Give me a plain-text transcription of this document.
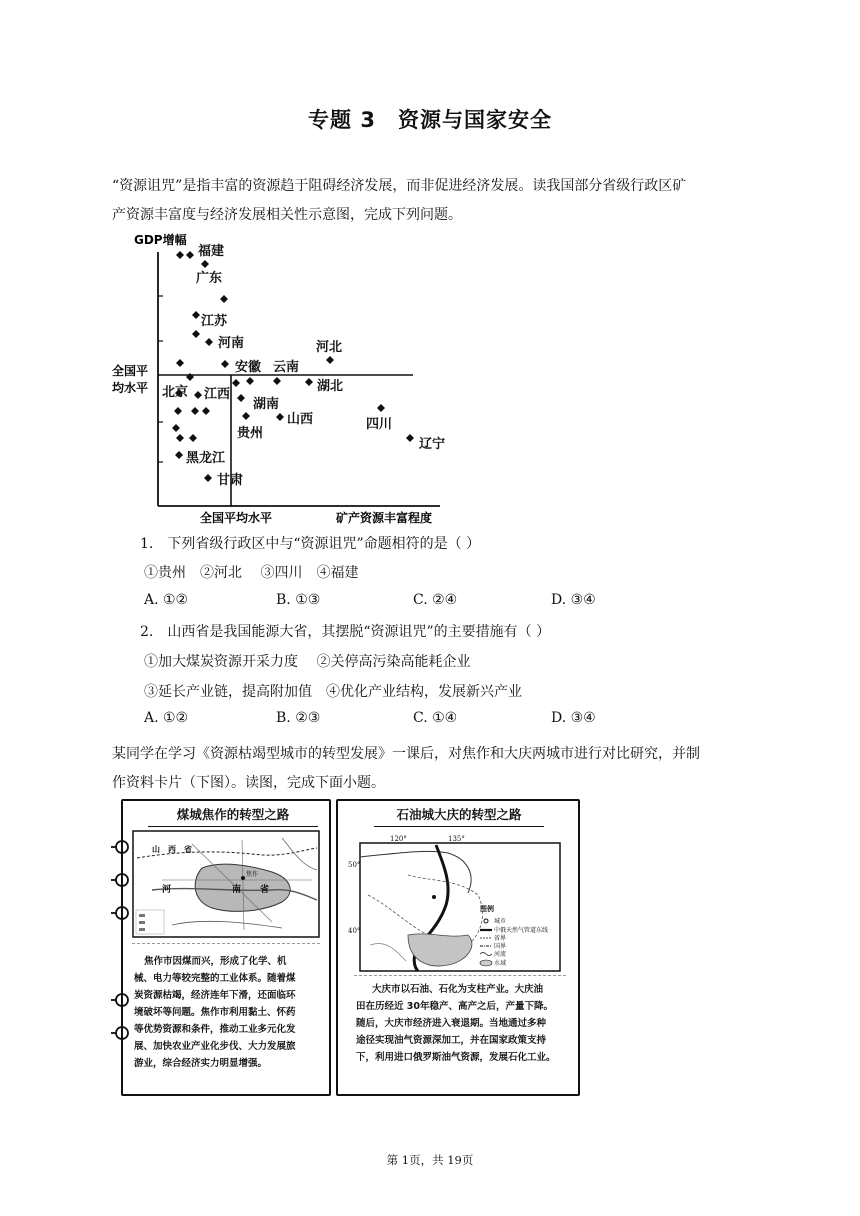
专题 3　资源与国家安全
“资源诅咒”是指丰富的资源趋于阻碍经济发展，而非促进经济发展。读我国部分省级行政区矿
产资源丰富度与经济发展相关性示意图，完成下列问题。
GDP增幅
矿产资源丰富程度
全国平均水平
全国平
均水平
福建
广东
江苏
河南
安徽 云南
河北
北京 江西
湖北
湖南
山西
贵州
四川
辽宁
黑龙江
甘肃
1.　下列省级行政区中与“资源诅咒”命题相符的是（ ）
①贵州　②河北　 ③四川　④福建
A. ①②	B. ①③	C. ②④	D. ③④
2.　山西省是我国能源大省，其摆脱“资源诅咒”的主要措施有（ ）
①加大煤炭资源开采力度　 ②关停高污染高能耗企业
③延长产业链，提高附加值　④优化产业结构，发展新兴产业
A. ①②	B. ②③	C. ①④	D. ③④
某同学在学习《资源枯竭型城市的转型发展》一课后，对焦作和大庆两城市进行对比研究，并制
作资料卡片（下图）。读图，完成下面小题。
煤城焦作的转型之路
山　西　省
河	南 省
焦作
焦作市因煤而兴，形成了化学、机
械、电力等较完整的工业体系。随着煤
炭资源枯竭，经济连年下滑，还面临环
境破坏等问题。焦作市利用黏土、怀药
等优势资源和条件，推动工业多元化发
展、加快农业产业化步伐、大力发展旅
游业，综合经济实力明显增强。
石油城大庆的转型之路
120°	135°
50°
40°
图例
城市
中俄天然气管道东线
省界
国界
河流
水域
大庆市以石油、石化为支柱产业。大庆油
田在历经近 30年稳产、高产之后，产量下降。
随后，大庆市经济进入衰退期。当地通过多种
途径实现油气资源深加工，并在国家政策支持
下，利用进口俄罗斯油气资源，发展石化工业。
第 1页，共 19页
